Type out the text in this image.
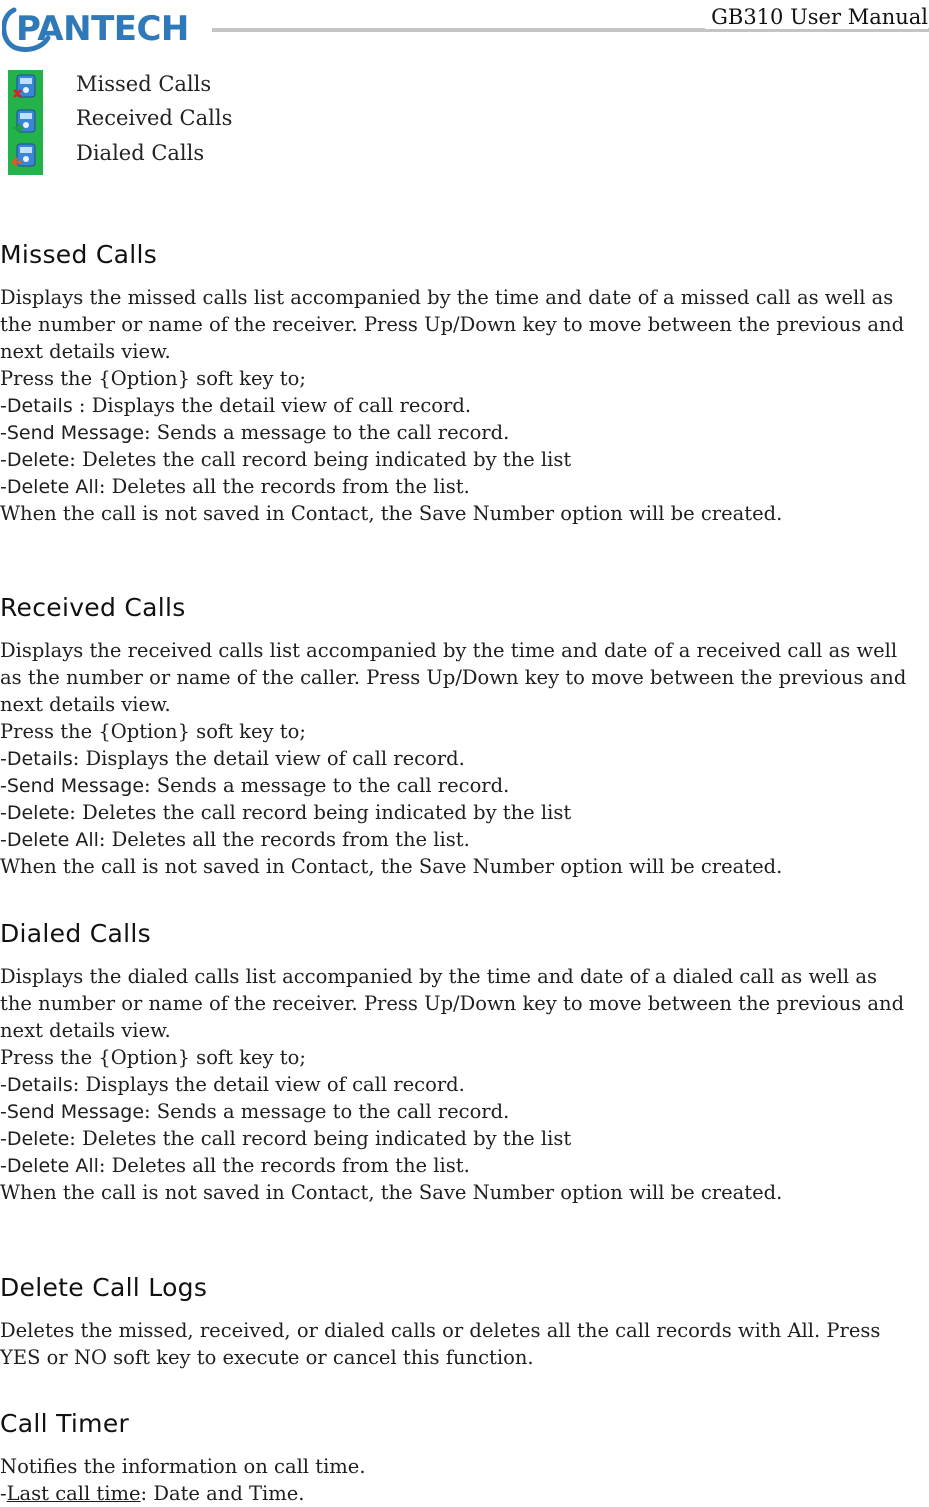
PANTECH	GB310 User Manual
Missed Calls
Received Calls
Dialed Calls
Missed Calls
Displays the missed calls list accompanied by the time and date of a missed call as well as
the number or name of the receiver. Press Up/Down key to move between the previous and
next details view.
Press the {Option} soft key to;
-Details : Displays the detail view of call record.
-Send Message: Sends a message to the call record.
-Delete: Deletes the call record being indicated by the list
-Delete All: Deletes all the records from the list.
When the call is not saved in Contact, the Save Number option will be created.
Received Calls
Displays the received calls list accompanied by the time and date of a received call as well
as the number or name of the caller. Press Up/Down key to move between the previous and
next details view.
Press the {Option} soft key to;
-Details: Displays the detail view of call record.
-Send Message: Sends a message to the call record.
-Delete: Deletes the call record being indicated by the list
-Delete All: Deletes all the records from the list.
When the call is not saved in Contact, the Save Number option will be created.
Dialed Calls
Displays the dialed calls list accompanied by the time and date of a dialed call as well as
the number or name of the receiver. Press Up/Down key to move between the previous and
next details view.
Press the {Option} soft key to;
-Details: Displays the detail view of call record.
-Send Message: Sends a message to the call record.
-Delete: Deletes the call record being indicated by the list
-Delete All: Deletes all the records from the list.
When the call is not saved in Contact, the Save Number option will be created.
Delete Call Logs
Deletes the missed, received, or dialed calls or deletes all the call records with All. Press
YES or NO soft key to execute or cancel this function.
Call Timer
Notifies the information on call time.
-Last call time: Date and Time.
